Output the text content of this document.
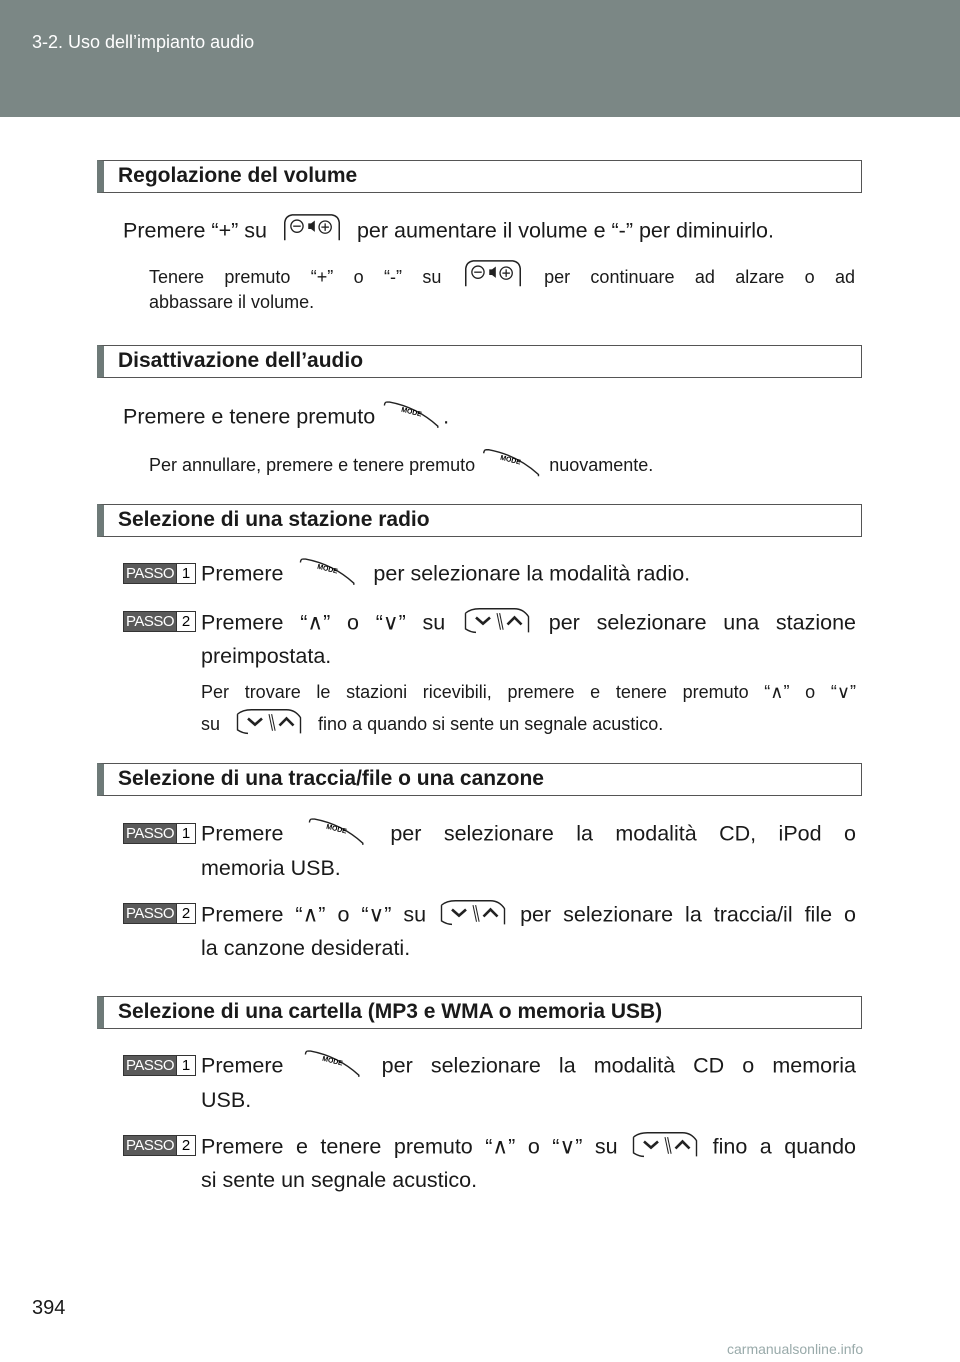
3-2. Uso dell’impianto audio
Regolazione del volume
Premere “+” su	per aumentare il volume e “-” per diminuirlo.
Tenere premuto “+” o “-” su	per continuare ad alzare o ad
abbassare il volume.
Disattivazione dell’audio
Premere e tenere premuto	MODE .
Per annullare, premere e tenere premuto	MODE nuovamente.
Selezione di una stazione radio
PASSO 1 Premere	MODE per selezionare la modalità radio.
PASSO 2 Premere “∧” o “∨” su	per selezionare una stazione
preimpostata.
Per trovare le stazioni ricevibili, premere e tenere premuto “∧” o “∨”
su	fino a quando si sente un segnale acustico.
Selezione di una traccia/file o una canzone
PASSO 1 Premere	MODE per selezionare la modalità CD, iPod o
memoria USB.
PASSO 2 Premere “∧” o “∨” su	per selezionare la traccia/il file o
la canzone desiderati.
Selezione di una cartella (MP3 e WMA o memoria USB)
PASSO 1 Premere	MODE per selezionare la modalità CD o memoria
USB.
PASSO 2 Premere e tenere premuto “∧” o “∨” su	fino a quando
si sente un segnale acustico.
394
carmanualsonline.info
